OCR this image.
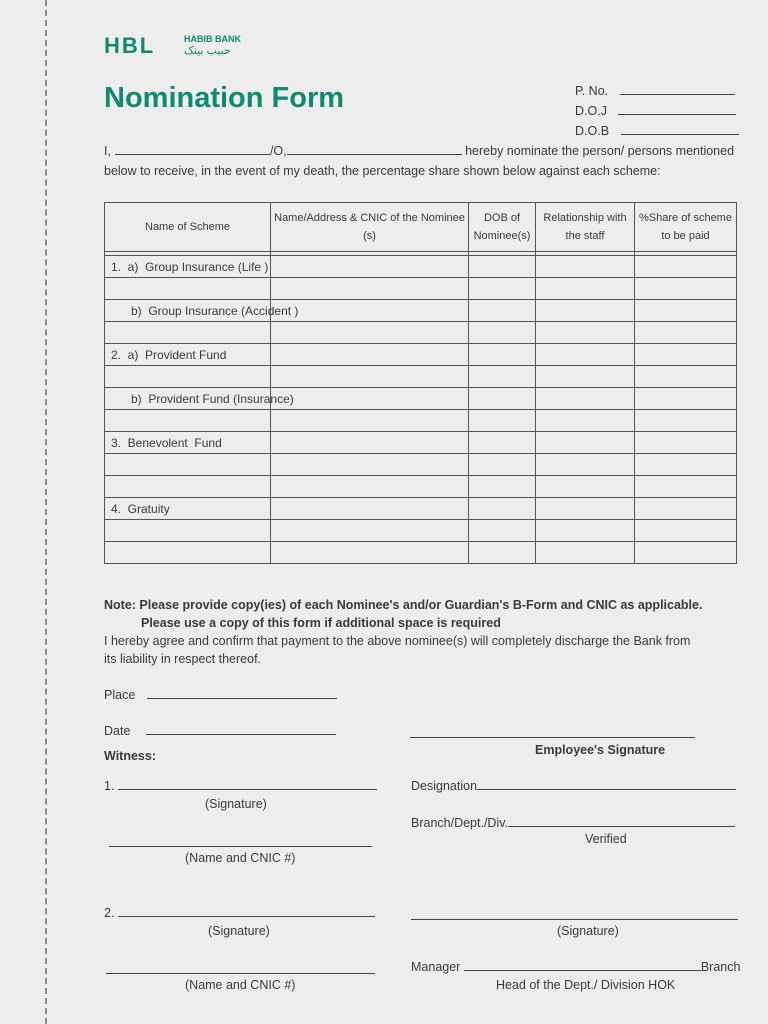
HBL	HABIB BANK
حبیب بینک
Nomination Form	P. No.
D.O.J
D.O.B
I,	/O,	hereby nominate the person/ persons mentioned
below to receive, in the event of my death, the percentage share shown below against each scheme:
Name of Scheme	Name/Address & CNIC of the Nominee (s)	DOB of Nominee(s)	Relationship with the staff	%Share of scheme to be paid

1.  a)  Group Insurance (Life )				

b)  Group Insurance (Accident )				

2.  a)  Provident Fund				

b)  Provident Fund (Insurance)				

3.  Benevolent  Fund				

4.  Gratuity				

Note: Please provide copy(ies) of each Nominee's and/or Guardian's B-Form and CNIC as applicable.
Please use a copy of this form if additional space is required
I hereby agree and confirm that payment to the above nominee(s) will completely discharge the Bank from
its liability in respect thereof.
Place
Date
Employee's Signature
Witness:
1.
(Signature)
(Name and CNIC #)
Designation
Branch/Dept./Div.
Verified
2.
(Signature)
(Name and CNIC #)
(Signature)
Manager	Branch
Head of the Dept./ Division HOK
